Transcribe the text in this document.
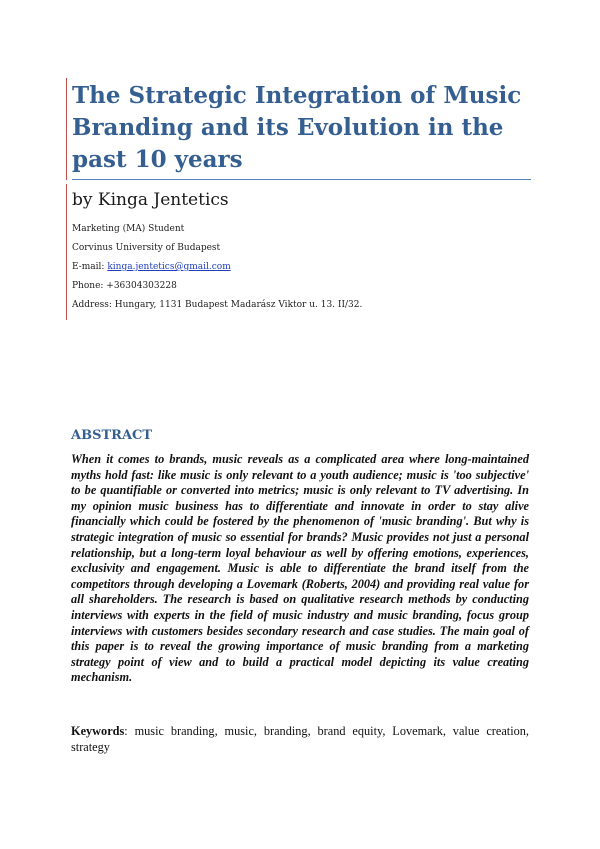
The Strategic Integration of Music Branding and its Evolution in the past 10 years
by Kinga Jentetics
Marketing (MA) Student
Corvinus University of Budapest
E-mail: kinga.jentetics@gmail.com
Phone: +36304303228
Address: Hungary, 1131 Budapest Madarász Viktor u. 13. II/32.
ABSTRACT

When it comes to brands, music reveals as a complicated area where long-maintained myths hold fast: like music is only relevant to a youth audience; music is 'too subjective' to be quantifiable or converted into metrics; music is only relevant to TV advertising. In my opinion music business has to differentiate and innovate in order to stay alive financially which could be fostered by the phenomenon of 'music branding'. But why is strategic integration of music so essential for brands? Music provides not just a personal relationship, but a long-term loyal behaviour as well by offering emotions, experiences, exclusivity and engagement. Music is able to differentiate the brand itself from the competitors through developing a Lovemark (Roberts, 2004) and providing real value for all shareholders. The research is based on qualitative research methods by conducting interviews with experts in the field of music industry and music branding, focus group interviews with customers besides secondary research and case studies. The main goal of this paper is to reveal the growing importance of music branding from a marketing strategy point of view and to build a practical model depicting its value creating mechanism.

Keywords: music branding, music, branding, brand equity, Lovemark, value creation, strategy
